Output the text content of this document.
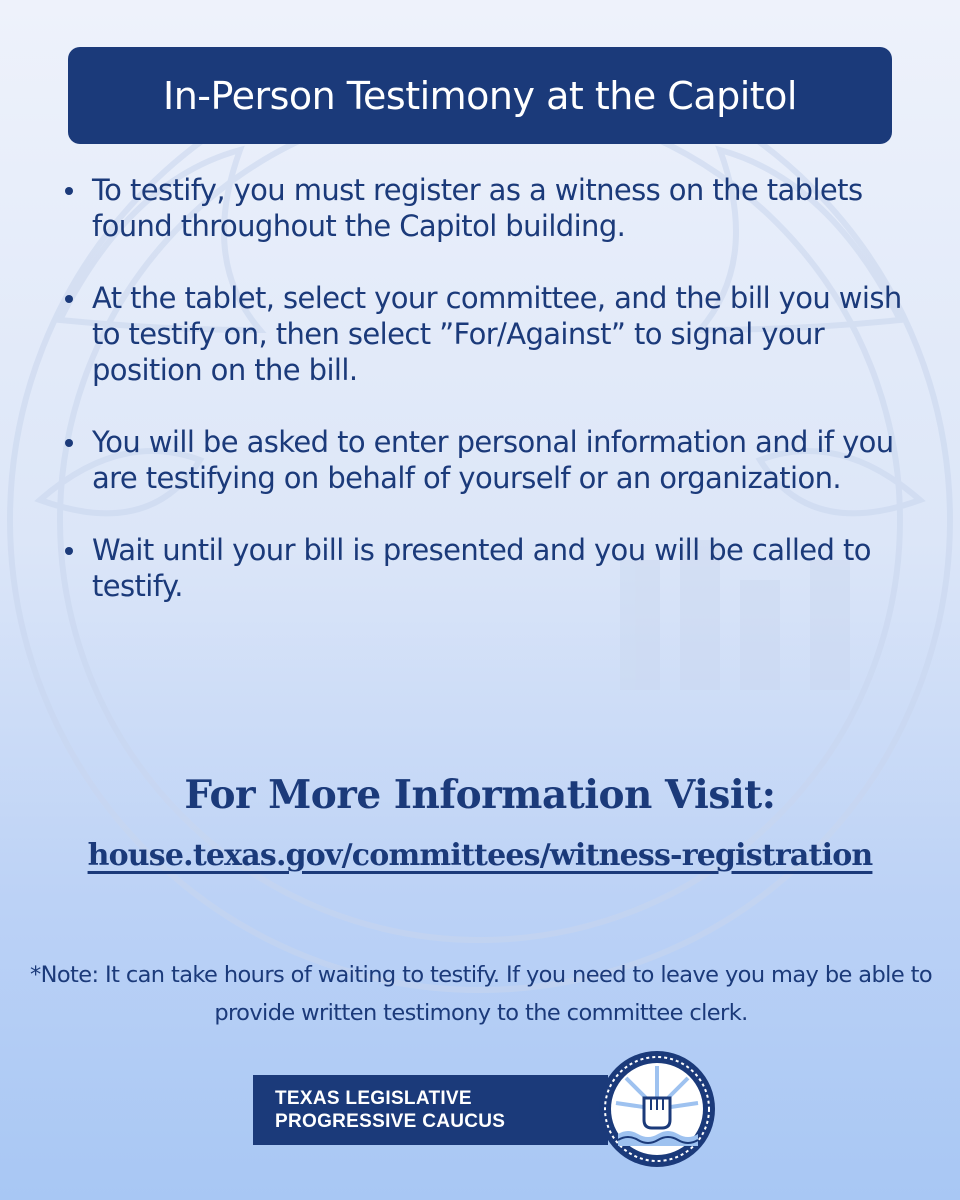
In-Person Testimony at the Capitol
To testify, you must register as a witness on the tablets found throughout the Capitol building.
At the tablet, select your committee, and the bill you wish to testify on, then select ”For/Against” to signal your position on the bill.
You will be asked to enter personal information and if you are testifying on behalf of yourself or an organization.
Wait until your bill is presented and you will be called to testify.
For More Information Visit:
house.texas.gov/committees/witness-registration
*Note: It can take hours of waiting to testify. If you need to leave you may be able to provide written testimony to the committee clerk.
TEXAS LEGISLATIVE
PROGRESSIVE CAUCUS
